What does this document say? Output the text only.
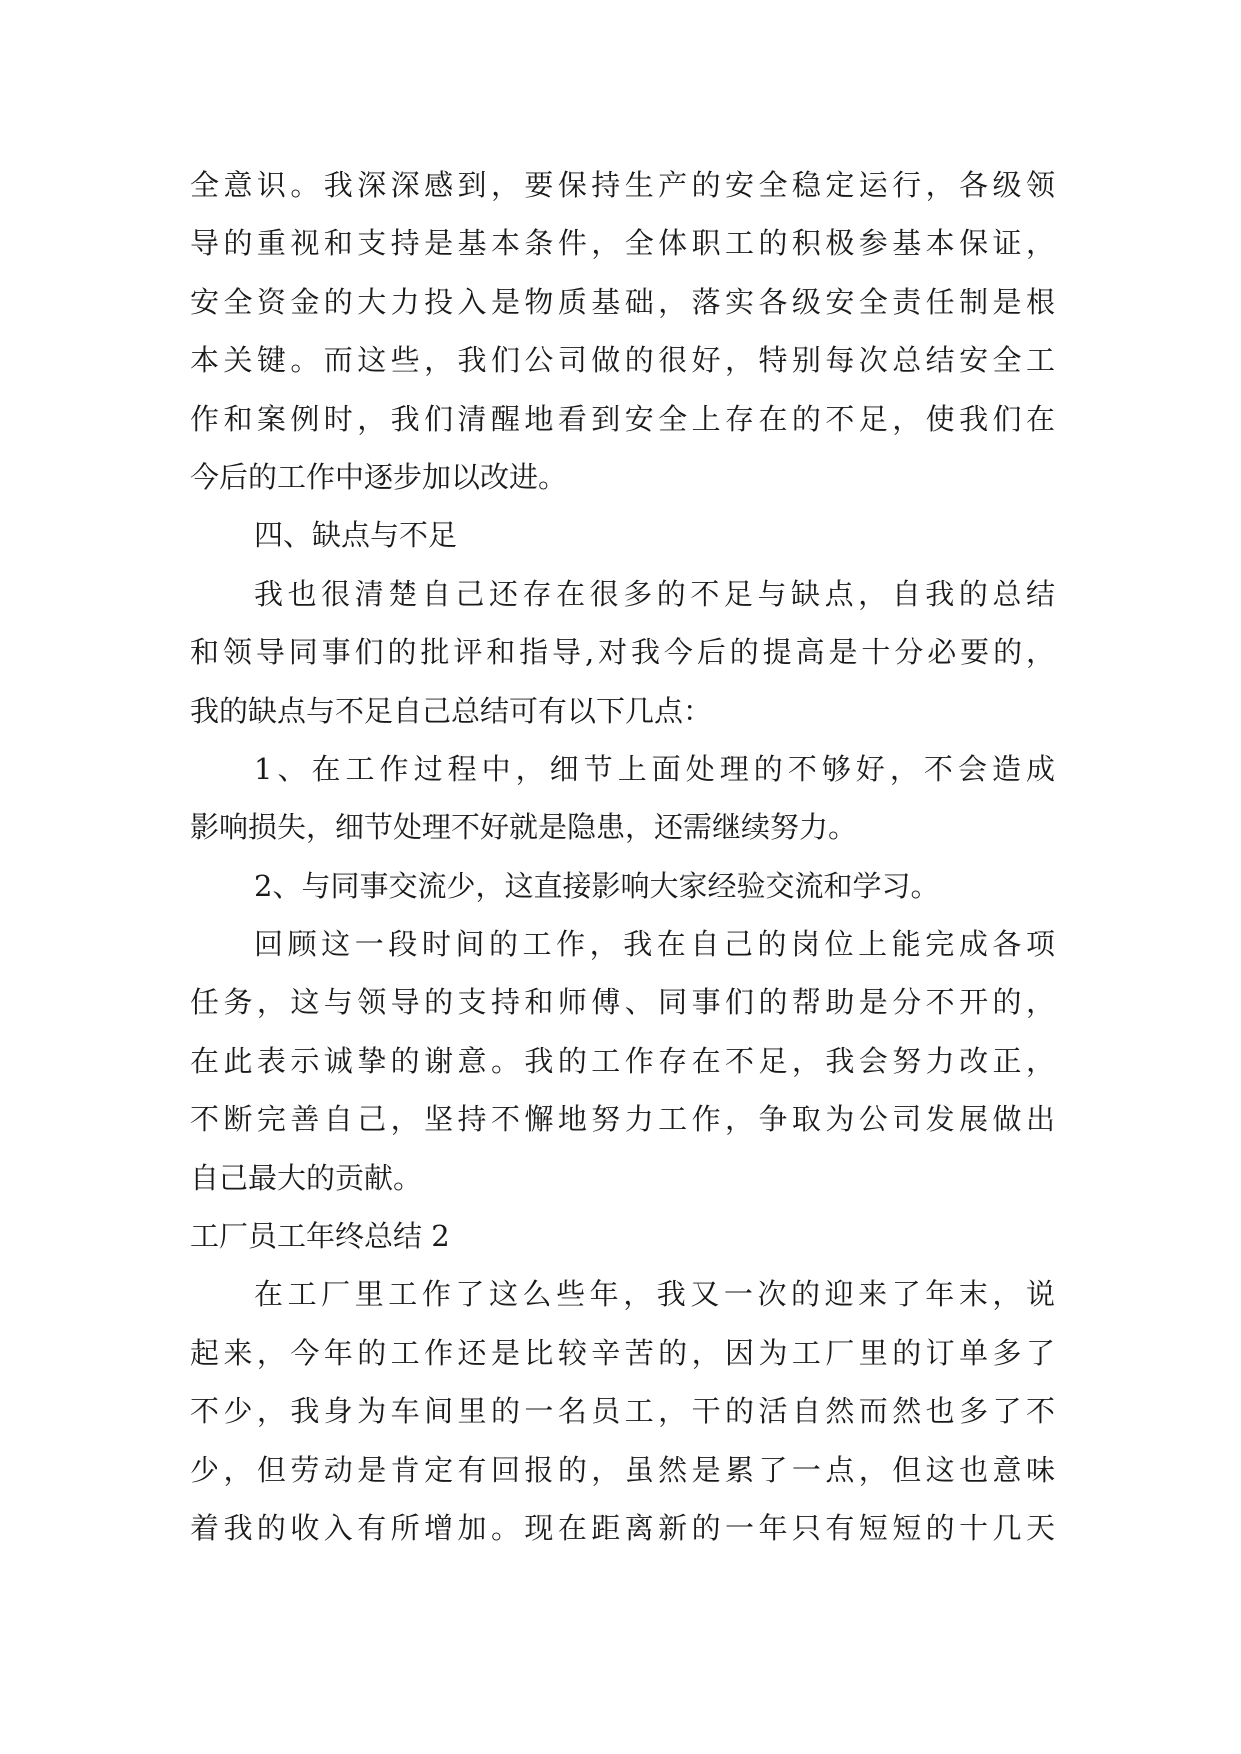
全意识。我深深感到，要保持生产的安全稳定运行，各级领
导的重视和支持是基本条件，全体职工的积极参基本保证，
安全资金的大力投入是物质基础，落实各级安全责任制是根
本关键。而这些，我们公司做的很好，特别每次总结安全工
作和案例时，我们清醒地看到安全上存在的不足，使我们在
今后的工作中逐步加以改进。
四、缺点与不足
我也很清楚自己还存在很多的不足与缺点，自我的总结
和领导同事们的批评和指导,对我今后的提高是十分必要的，
我的缺点与不足自己总结可有以下几点：
1、在工作过程中，细节上面处理的不够好，不会造成
影响损失，细节处理不好就是隐患，还需继续努力。
2、与同事交流少，这直接影响大家经验交流和学习。
回顾这一段时间的工作，我在自己的岗位上能完成各项
任务，这与领导的支持和师傅、同事们的帮助是分不开的，
在此表示诚挚的谢意。我的工作存在不足，我会努力改正，
不断完善自己，坚持不懈地努力工作，争取为公司发展做出
自己最大的贡献。
工厂员工年终总结 2
在工厂里工作了这么些年，我又一次的迎来了年末，说
起来，今年的工作还是比较辛苦的，因为工厂里的订单多了
不少，我身为车间里的一名员工，干的活自然而然也多了不
少，但劳动是肯定有回报的，虽然是累了一点，但这也意味
着我的收入有所增加。现在距离新的一年只有短短的十几天
